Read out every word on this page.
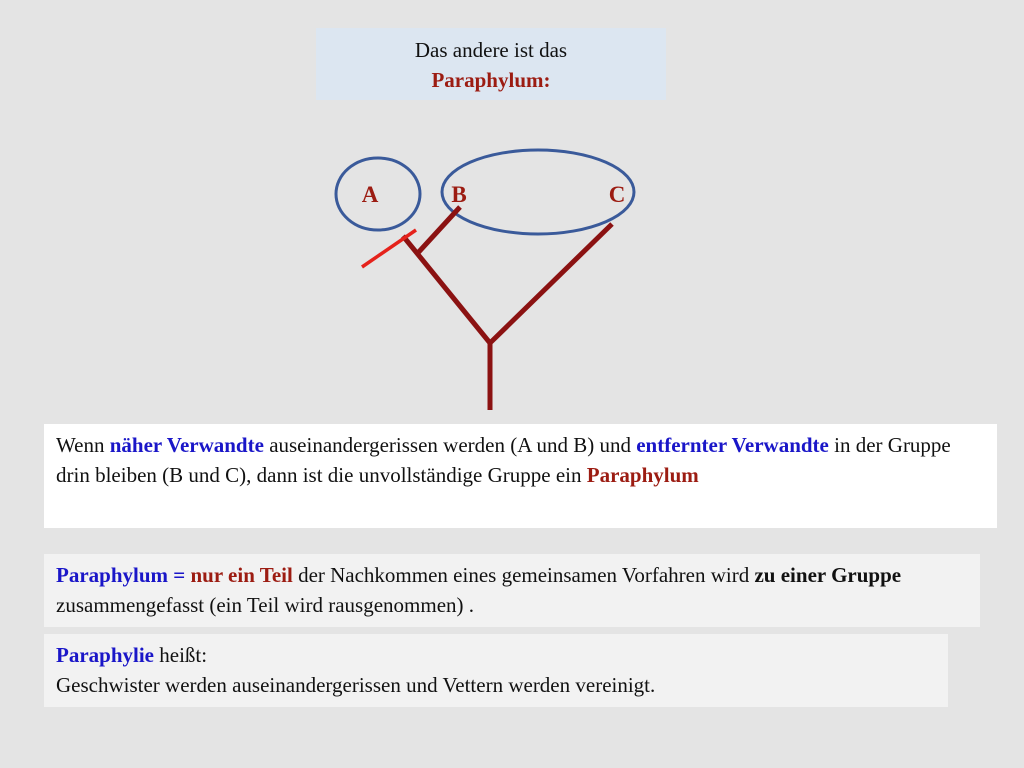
Das andere ist das
Paraphylum:
A	B	C
Wenn näher Verwandte auseinandergerissen werden (A und B) und entfernter Verwandte in der Gruppe drin bleiben (B und C), dann ist die unvollständige Gruppe ein Paraphylum
Paraphylum = nur ein Teil der Nachkommen eines gemeinsamen Vorfahren wird zu einer Gruppe zusammengefasst (ein Teil wird rausgenommen) .
Paraphylie heißt:
Geschwister werden auseinandergerissen und Vettern werden vereinigt.
